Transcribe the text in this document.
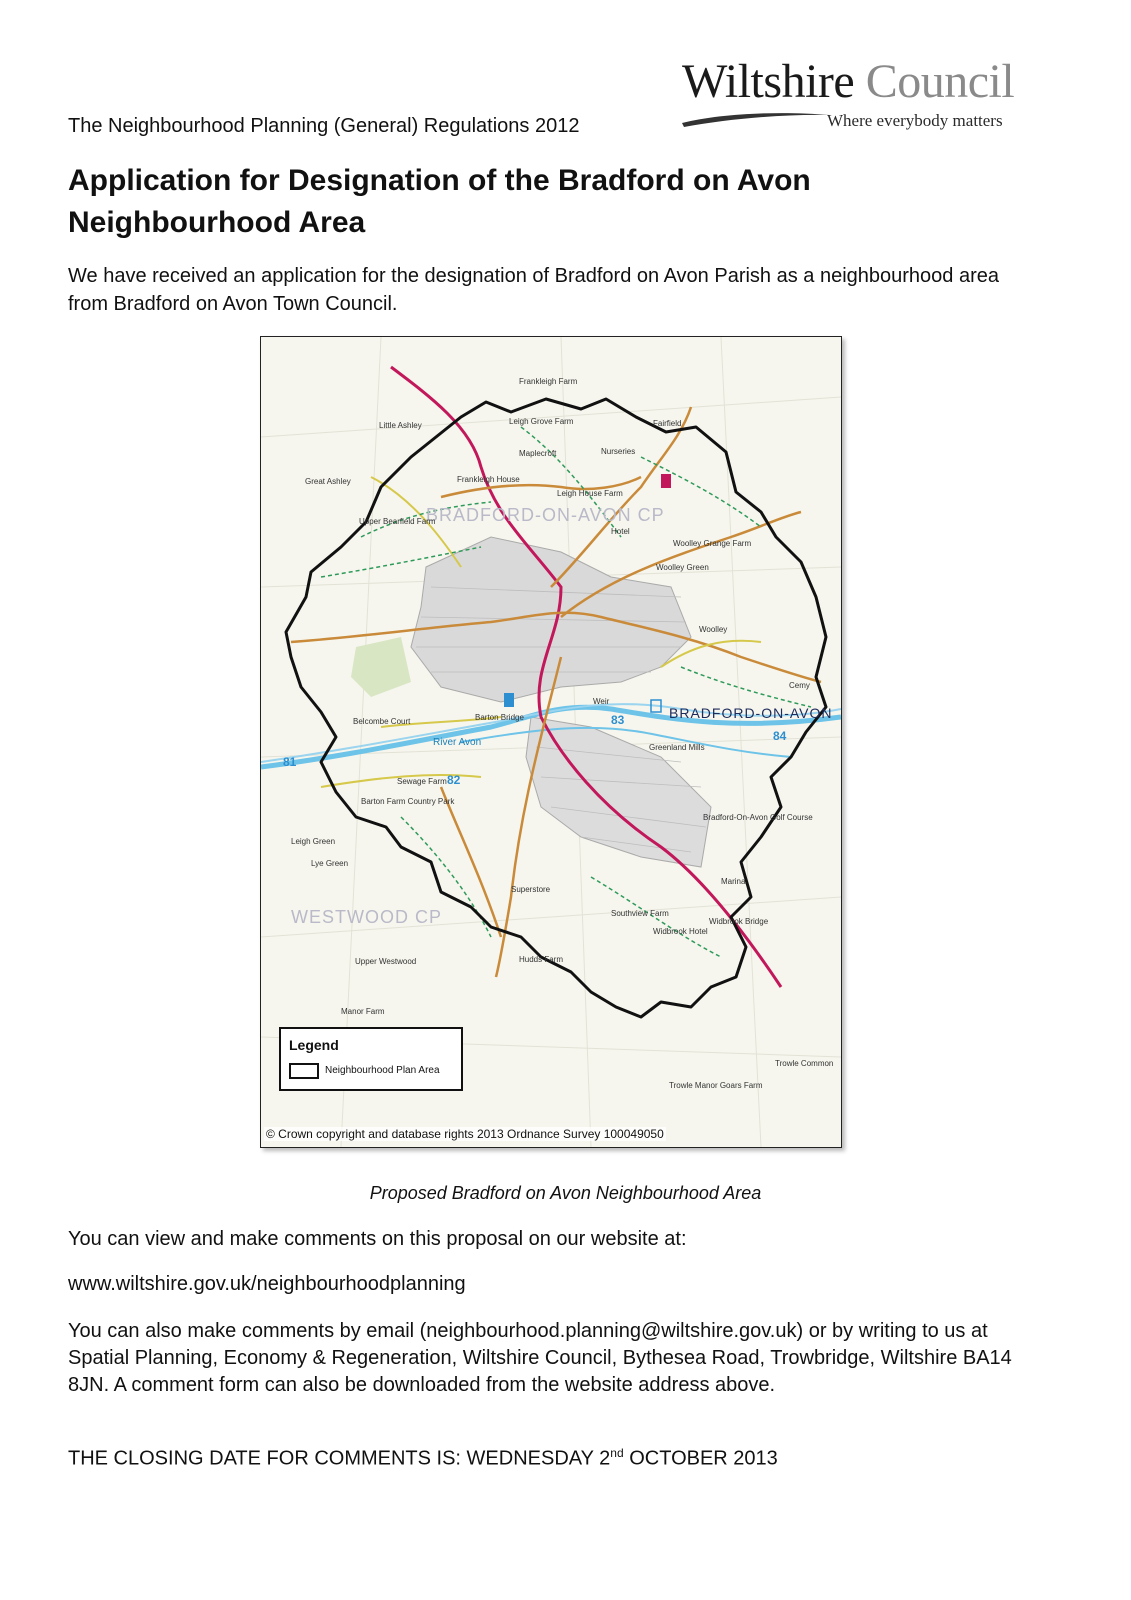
Wiltshire Council
Where everybody matters
The Neighbourhood Planning (General) Regulations 2012
Application for Designation of the Bradford on Avon Neighbourhood Area
We have received an application for the designation of Bradford on Avon Parish as a neighbourhood area from Bradford on Avon Town Council.
BRADFORD-ON-AVON CP
WESTWOOD CP
BRADFORD-ON-AVON
River Avon
81
82
83
84
Leigh Grove Farm
Maplecroft
Frankleigh House
Frankleigh Farm
Nurseries
Fairfield
Leigh House Farm
Upper Bearfield Farm
Hotel
Woolley Grange Farm
Woolley Green
Woolley
Cemy
Belcombe Court	Barton Bridge
Weir
Greenland Mills
Sewage Farm
Barton Farm Country Park
Bradford-On-Avon Golf Course
Superstore
Southview Farm
Widbrook Hotel
Widbrook Bridge
Marina
Great Ashley
Little Ashley
Leigh Green
Lye Green
Upper Westwood
Manor Farm
Hudds Farm
Trowle Manor Goars Farm
Trowle Common
Legend
Neighbourhood Plan Area
© Crown copyright and database rights 2013 Ordnance Survey 100049050
Proposed Bradford on Avon Neighbourhood Area
You can view and make comments on this proposal on our website at:
www.wiltshire.gov.uk/neighbourhoodplanning
You can also make comments by email (neighbourhood.planning@wiltshire.gov.uk) or by writing to us at Spatial Planning, Economy & Regeneration, Wiltshire Council, Bythesea Road, Trowbridge, Wiltshire BA14 8JN. A comment form can also be downloaded from the website address above.
THE CLOSING DATE FOR COMMENTS IS: WEDNESDAY 2nd OCTOBER 2013
